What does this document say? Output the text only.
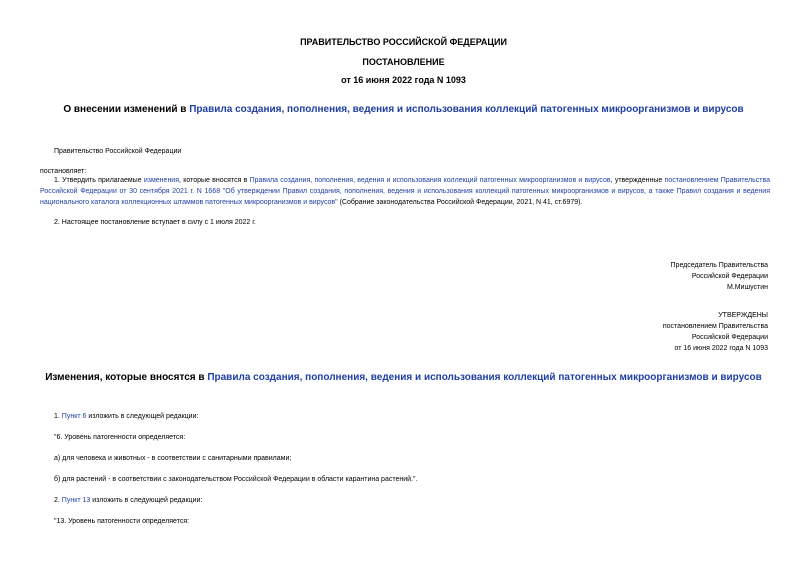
ПРАВИТЕЛЬСТВО РОССИЙСКОЙ ФЕДЕРАЦИИ
ПОСТАНОВЛЕНИЕ
от 16 июня 2022 года N 1093
О внесении изменений в Правила создания, пополнения, ведения и использования коллекций патогенных микроорганизмов и вирусов
Правительство Российской Федерации
постановляет:
1. Утвердить прилагаемые изменения, которые вносятся в Правила создания, пополнения, ведения и использования коллекций патогенных микроорганизмов и вирусов, утвержденные постановлением Правительства Российской Федерации от 30 сентября 2021 г. N 1668 "Об утверждении Правил создания, пополнения, ведения и использования коллекций патогенных микроорганизмов и вирусов, а также Правил создания и ведения национального каталога коллекционных штаммов патогенных микроорганизмов и вирусов" (Собрание законодательства Российской Федерации, 2021, N 41, ст.6979).
2. Настоящее постановление вступает в силу с 1 июля 2022 г.
Председатель Правительства
Российской Федерации
М.Мишустин
УТВЕРЖДЕНЫ
постановлением Правительства
Российской Федерации
от 16 июня 2022 года N 1093
Изменения, которые вносятся в Правила создания, пополнения, ведения и использования коллекций патогенных микроорганизмов и вирусов
1. Пункт 6 изложить в следующей редакции:
"6. Уровень патогенности определяется:
а) для человека и животных - в соответствии с санитарными правилами;
б) для растений - в соответствии с законодательством Российской Федерации в области карантина растений.".
2. Пункт 13 изложить в следующей редакции:
"13. Уровень патогенности определяется:
